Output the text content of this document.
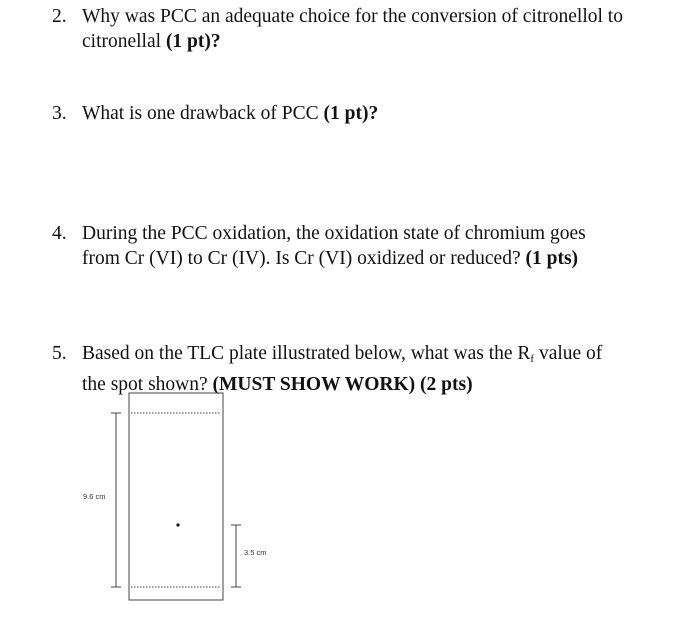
2. Why was PCC an adequate choice for the conversion of citronellol to
citronellal (1 pt)?
3. What is one drawback of PCC (1 pt)?
4. During the PCC oxidation, the oxidation state of chromium goes
from Cr (VI) to Cr (IV). Is Cr (VI) oxidized or reduced? (1 pts)
5. Based on the TLC plate illustrated below, what was the Rf value of
the spot shown? (MUST SHOW WORK) (2 pts)
9.6 cm
3.5 cm
